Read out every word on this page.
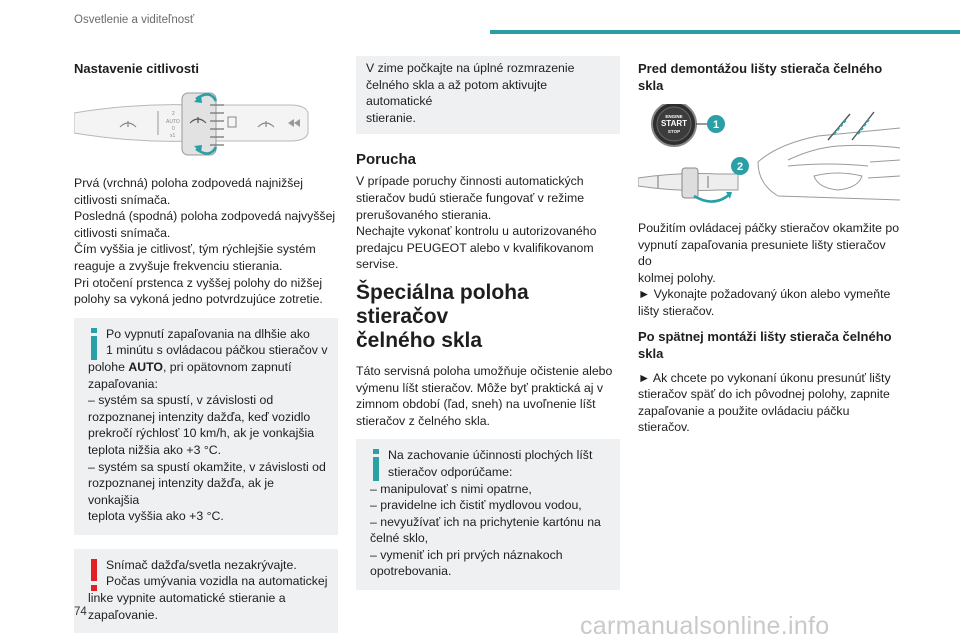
Osvetlenie a viditeľnosť
Nastavenie citlivosti
2
AUTO
0
x1

Prvá (vrchná) poloha zodpovedá najnižšej

citlivosti snímača.

Posledná (spodná) poloha zodpovedá najvyššej

citlivosti snímača.

Čím vyššia je citlivosť, tým rýchlejšie systém

reaguje a zvyšuje frekvenciu stierania.

Pri otočení prstenca z vyššej polohy do nižšej

polohy sa vykoná jedno potvrdzujúce zotretie.

Po vypnutí zapaľovania na dlhšie ako

1 minútu s ovládacou páčkou stieračov v

polohe AUTO, pri opätovnom zapnutí

zapaľovania:

– systém sa spustí, v závislosti od

rozpoznanej intenzity dažďa, keď vozidlo

prekročí rýchlosť 10 km/h, ak je vonkajšia

teplota nižšia ako +3 °C.

– systém sa spustí okamžite, v závislosti od

rozpoznanej intenzity dažďa, ak je vonkajšia

teplota vyššia ako +3 °C.

Snímač dažďa/svetla nezakrývajte.

Počas umývania vozidla na automatickej

linke vypnite automatické stieranie a

zapaľovanie.

V zime počkajte na úplné rozmrazenie

čelného skla a až potom aktivujte automatické

stieranie.

Porucha

V prípade poruchy činnosti automatických

stieračov budú stierače fungovať v režime

prerušovaného stierania.

Nechajte vykonať kontrolu u autorizovaného

predajcu PEUGEOT alebo v kvalifikovanom

servise.

Špeciálna poloha stieračov
čelného skla

Táto servisná poloha umožňuje očistenie alebo

výmenu líšt stieračov. Môže byť praktická aj v

zimnom období (ľad, sneh) na uvoľnenie líšt

stieračov z čelného skla.

Na zachovanie účinnosti plochých líšt

stieračov odporúčame:

– manipulovať s nimi opatrne,

– pravidelne ich čistiť mydlovou vodou,

– nevyužívať ich na prichytenie kartónu na

čelné sklo,

– vymeniť ich pri prvých náznakoch

opotrebovania.

Pred demontážou lišty stierača čelného
skla
ENGINE
START
STOP
1
2

Použitím ovládacej páčky stieračov okamžite po

vypnutí zapaľovania presuniete lišty stieračov do

kolmej polohy.

► Vykonajte požadovaný úkon alebo vymeňte

lišty stieračov.

Po spätnej montáži lišty stierača čelného
skla

► Ak chcete po vykonaní úkonu presunúť lišty

stieračov späť do ich pôvodnej polohy, zapnite

zapaľovanie a použite ovládaciu páčku stieračov.

74	carmanualsonline.info
